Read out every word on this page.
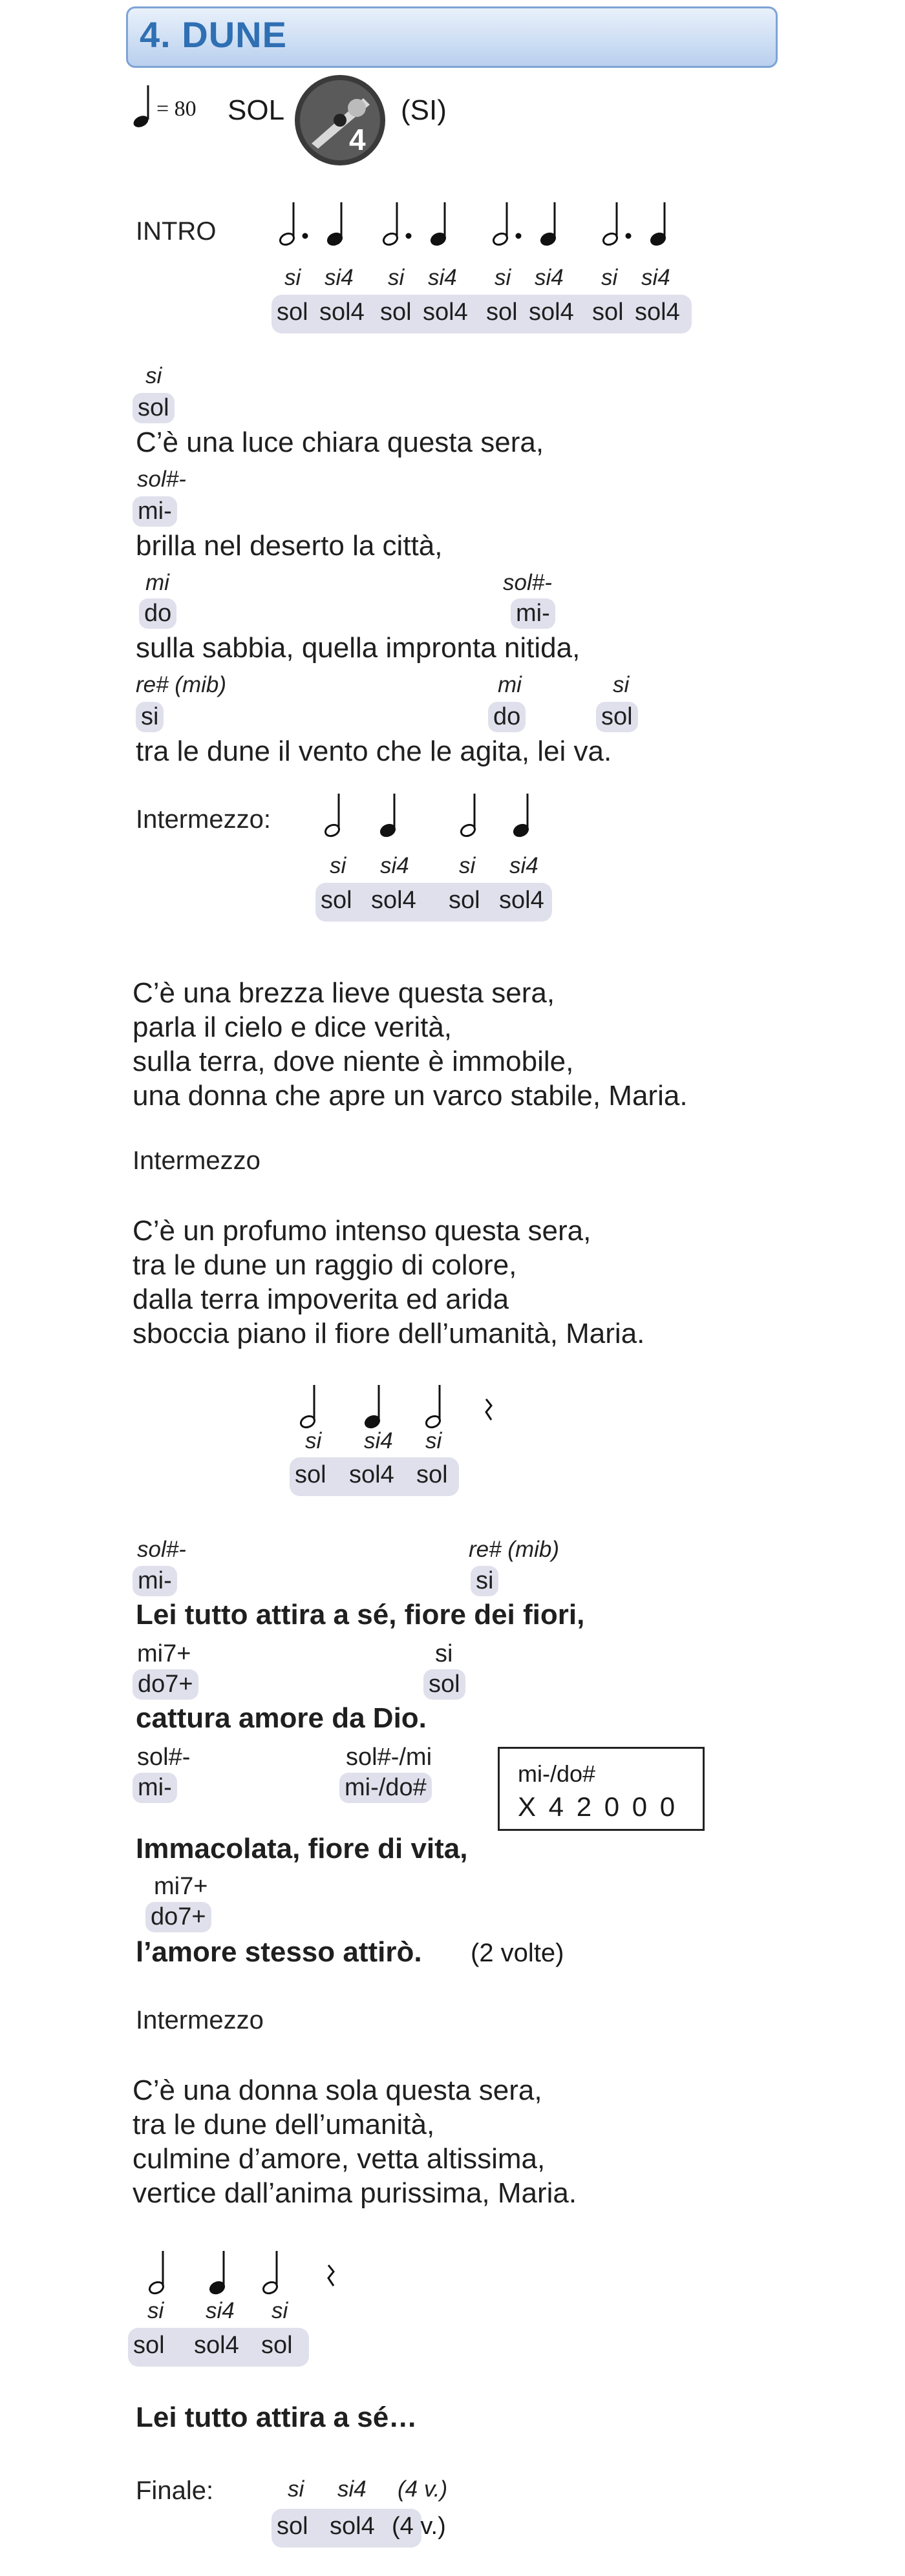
4. DUNE
= 80 SOL
4
(SI)
INTRO
si si4 si si4 si si4 si si4
sol sol4 sol sol4 sol sol4 sol sol4
si
sol
C’è una luce chiara questa sera,
sol#-
mi-
brilla nel deserto la città,
mi
do
sol#-
mi-
sulla sabbia, quella impronta nitida,
re# (mib)
si
mi
do
si
sol
tra le dune il vento che le agita, lei va.
Intermezzo:
si si4 si si4
sol sol4 sol sol4
C’è una brezza lieve questa sera,
parla il cielo e dice verità,
sulla terra, dove niente è immobile,
una donna che apre un varco stabile, Maria.
Intermezzo
C’è un profumo intenso questa sera,
tra le dune un raggio di colore,
dalla terra impoverita ed arida
sboccia piano il fiore dell’umanità, Maria.
si si4 si
sol sol4 sol
sol#-
mi-
re# (mib)
si
Lei tutto attira a sé, fiore dei fiori,
mi7+
do7+
si
sol
cattura amore da Dio.
sol#-
mi-
sol#-/mi
mi-/do#
mi-/do#
X 4 2 0 0 0
Immacolata, fiore di vita,
mi7+
do7+
l’amore stesso attirò. (2 volte)
Intermezzo
C’è una donna sola questa sera,
tra le dune dell’umanità,
culmine d’amore, vetta altissima,
vertice dall’anima purissima, Maria.
si si4 si
sol sol4 sol
Lei tutto attira a sé…
Finale:	si si4 (4 v.)
sol sol4 (4 v.)
